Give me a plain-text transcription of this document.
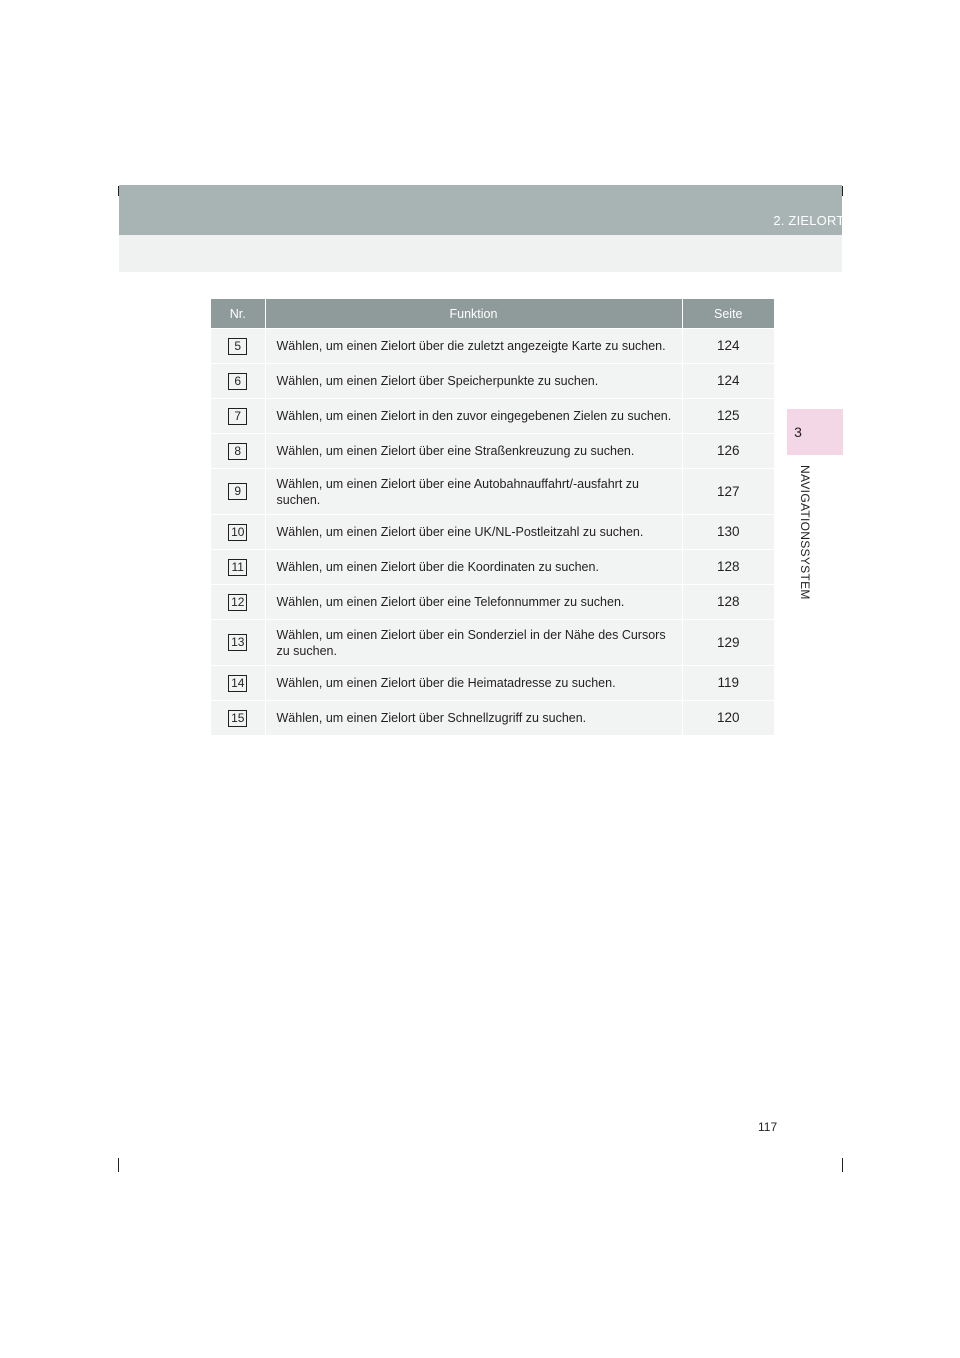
2. ZIELORTSUCHE
3
NAVIGATIONSSYSTEM
Nr.	Funktion	Seite
5	Wählen, um einen Zielort über die zuletzt angezeigte Karte zu suchen.	124
6	Wählen, um einen Zielort über Speicherpunkte zu suchen.	124
7	Wählen, um einen Zielort in den zuvor eingegebenen Zielen zu suchen.	125
8	Wählen, um einen Zielort über eine Straßenkreuzung zu suchen.	126
9	Wählen, um einen Zielort über eine Autobahnauffahrt/-ausfahrt zu suchen.	127
10	Wählen, um einen Zielort über eine UK/NL-Postleitzahl zu suchen.	130
11	Wählen, um einen Zielort über die Koordinaten zu suchen.	128
12	Wählen, um einen Zielort über eine Telefonnummer zu suchen.	128
13	Wählen, um einen Zielort über ein Sonderziel in der Nähe des Cursors zu suchen.	129
14	Wählen, um einen Zielort über die Heimatadresse zu suchen.	119
15	Wählen, um einen Zielort über Schnellzugriff zu suchen.	120
117
